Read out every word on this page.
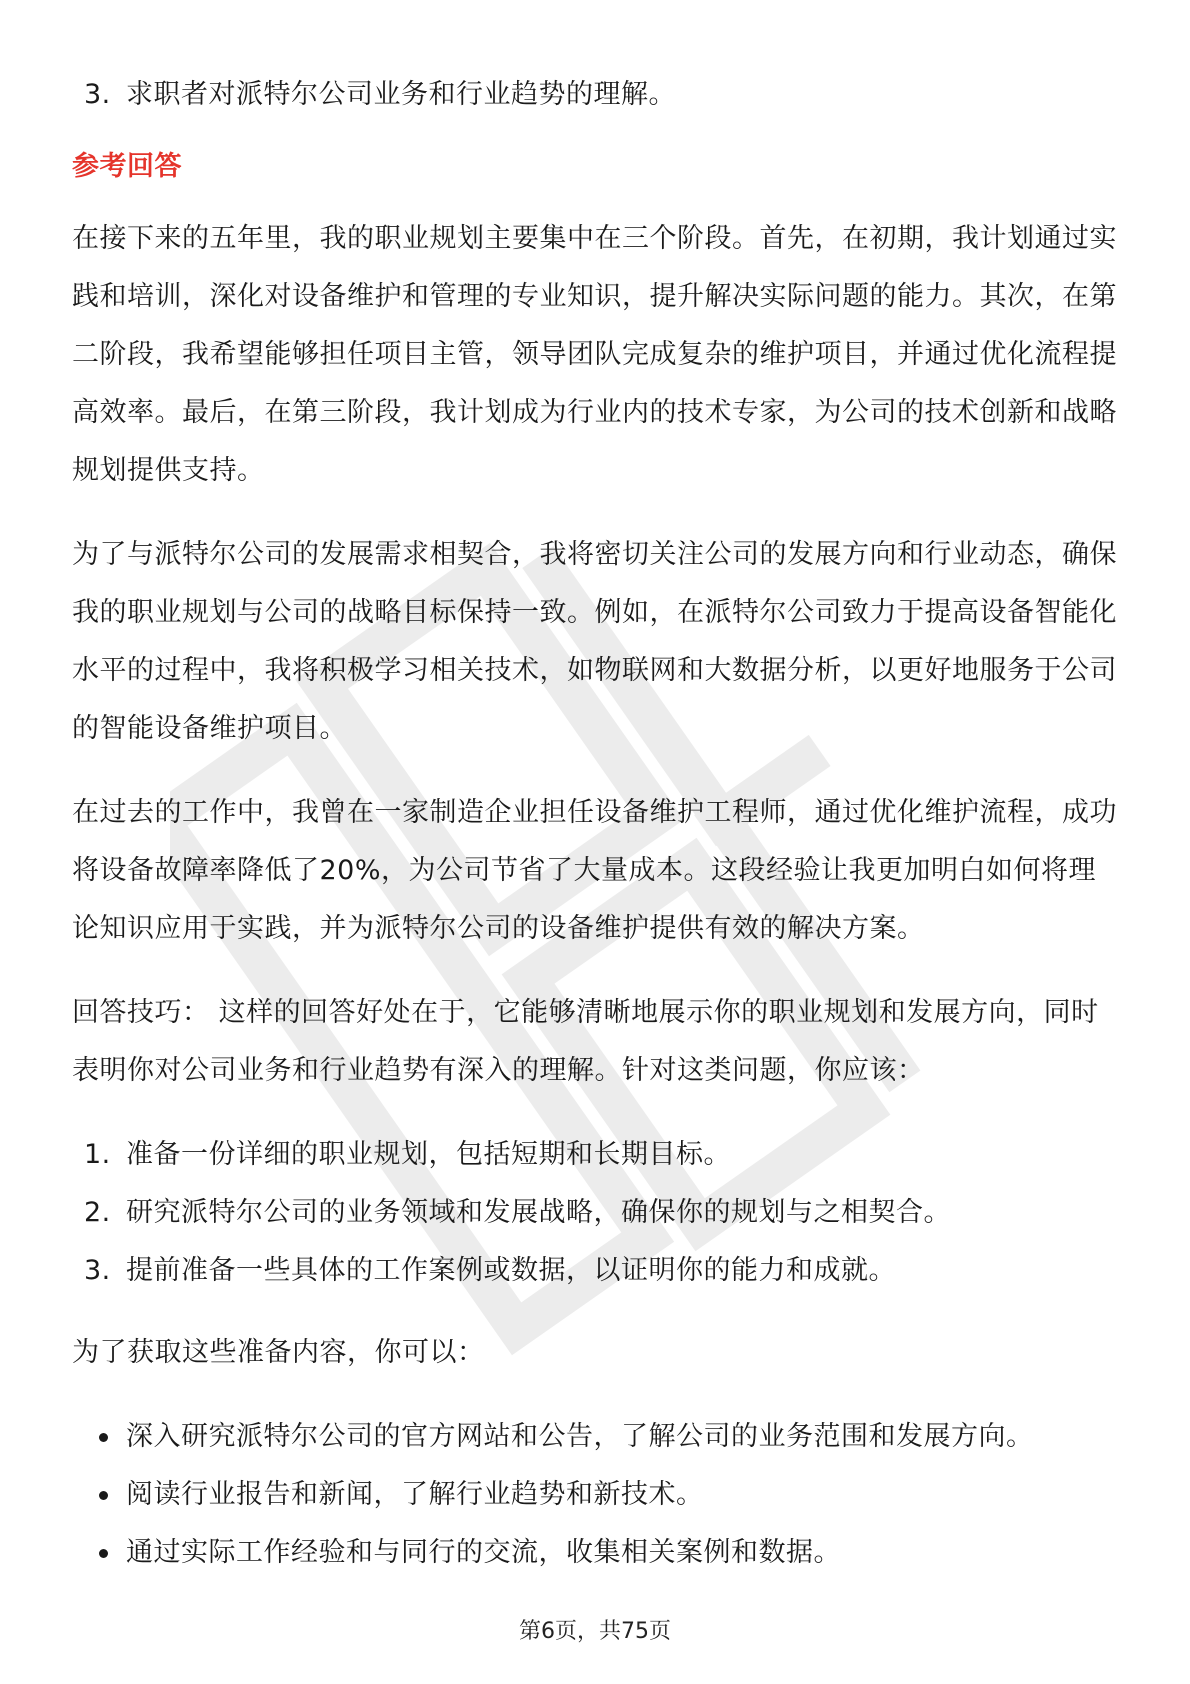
3. 求职者对派特尔公司业务和行业趋势的理解。
参考回答

在接下来的五年里，我的职业规划主要集中在三个阶段。首先，在初期，我计划通过实践和培训，深化对设备维护和管理的专业知识，提升解决实际问题的能力。其次，在第二阶段，我希望能够担任项目主管，领导团队完成复杂的维护项目，并通过优化流程提高效率。最后，在第三阶段，我计划成为行业内的技术专家，为公司的技术创新和战略规划提供支持。

为了与派特尔公司的发展需求相契合，我将密切关注公司的发展方向和行业动态，确保我的职业规划与公司的战略目标保持一致。例如，在派特尔公司致力于提高设备智能化水平的过程中，我将积极学习相关技术，如物联网和大数据分析，以更好地服务于公司的智能设备维护项目。

在过去的工作中，我曾在一家制造企业担任设备维护工程师，通过优化维护流程，成功将设备故障率降低了20%，为公司节省了大量成本。这段经验让我更加明白如何将理论知识应用于实践，并为派特尔公司的设备维护提供有效的解决方案。

回答技巧： 这样的回答好处在于，它能够清晰地展示你的职业规划和发展方向，同时表明你对公司业务和行业趋势有深入的理解。针对这类问题，你应该：

1. 准备一份详细的职业规划，包括短期和长期目标。
2. 研究派特尔公司的业务领域和发展战略，确保你的规划与之相契合。
3. 提前准备一些具体的工作案例或数据，以证明你的能力和成就。

为了获取这些准备内容，你可以：

深入研究派特尔公司的官方网站和公告，了解公司的业务范围和发展方向。
阅读行业报告和新闻，了解行业趋势和新技术。
通过实际工作经验和与同行的交流，收集相关案例和数据。
第6页，共75页
